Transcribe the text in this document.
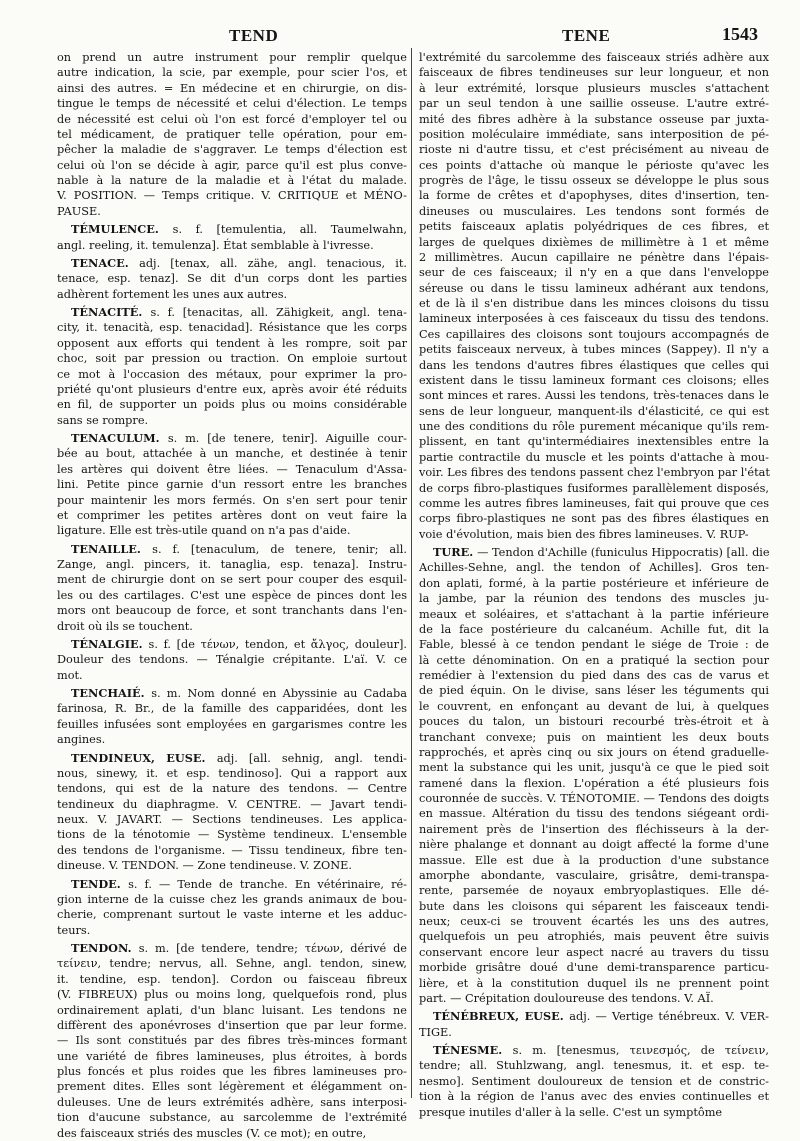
TEND	TENE	1543
on prend un autre instrument pour remplir quelque
autre indication, la scie, par exemple, pour scier l'os, et
ainsi des autres. = En médecine et en chirurgie, on dis-
tingue le temps de nécessité et celui d'élection. Le temps
de nécessité est celui où l'on est forcé d'employer tel ou
tel médicament, de pratiquer telle opération, pour em-
pêcher la maladie de s'aggraver. Le temps d'élection est
celui où l'on se décide à agir, parce qu'il est plus conve-
nable à la nature de la maladie et à l'état du malade.
V. POSITION. — Temps critique. V. CRITIQUE et MÉNO-
PAUSE.
TÉMULENCE. s. f. [temulentia, all. Taumelwahn,
angl. reeling, it. temulenza]. État semblable à l'ivresse.
TENACE. adj. [tenax, all. zähe, angl. tenacious, it.
tenace, esp. tenaz]. Se dit d'un corps dont les parties
adhèrent fortement les unes aux autres.
TÉNACITÉ. s. f. [tenacitas, all. Zähigkeit, angl. tena-
city, it. tenacità, esp. tenacidad]. Résistance que les corps
opposent aux efforts qui tendent à les rompre, soit par
choc, soit par pression ou traction. On emploie surtout
ce mot à l'occasion des métaux, pour exprimer la pro-
priété qu'ont plusieurs d'entre eux, après avoir été réduits
en fil, de supporter un poids plus ou moins considérable
sans se rompre.
TENACULUM. s. m. [de tenere, tenir]. Aiguille cour-
bée au bout, attachée à un manche, et destinée à tenir
les artères qui doivent être liées. — Tenaculum d'Assa-
lini. Petite pince garnie d'un ressort entre les branches
pour maintenir les mors fermés. On s'en sert pour tenir
et comprimer les petites artères dont on veut faire la
ligature. Elle est très-utile quand on n'a pas d'aide.
TENAILLE. s. f. [tenaculum, de tenere, tenir; all.
Zange, angl. pincers, it. tanaglia, esp. tenaza]. Instru-
ment de chirurgie dont on se sert pour couper des esquil-
les ou des cartilages. C'est une espèce de pinces dont les
mors ont beaucoup de force, et sont tranchants dans l'en-
droit où ils se touchent.
TÉNALGIE. s. f. [de τένων, tendon, et ἄλγος, douleur].
Douleur des tendons. — Ténalgie crépitante. L'aï. V. ce
mot.
TENCHAIÉ. s. m. Nom donné en Abyssinie au Cadaba
farinosa, R. Br., de la famille des capparidées, dont les
feuilles infusées sont employées en gargarismes contre les
angines.
TENDINEUX, EUSE. adj. [all. sehnig, angl. tendi-
nous, sinewy, it. et esp. tendinoso]. Qui a rapport aux
tendons, qui est de la nature des tendons. — Centre
tendineux du diaphragme. V. CENTRE. — Javart tendi-
neux. V. JAVART. — Sections tendineuses. Les applica-
tions de la ténotomie — Système tendineux. L'ensemble
des tendons de l'organisme. — Tissu tendineux, fibre ten-
dineuse. V. TENDON. — Zone tendineuse. V. ZONE.
TENDE. s. f. — Tende de tranche. En vétérinaire, ré-
gion interne de la cuisse chez les grands animaux de bou-
cherie, comprenant surtout le vaste interne et les adduc-
teurs.
TENDON. s. m. [de tendere, tendre; τένων, dérivé de
τείνειν, tendre; nervus, all. Sehne, angl. tendon, sinew,
it. tendine, esp. tendon]. Cordon ou faisceau fibreux
(V. FIBREUX) plus ou moins long, quelquefois rond, plus
ordinairement aplati, d'un blanc luisant. Les tendons ne
diffèrent des aponévroses d'insertion que par leur forme.
— Ils sont constitués par des fibres très-minces formant
une variété de fibres lamineuses, plus étroites, à bords
plus foncés et plus roides que les fibres lamineuses pro-
prement dites. Elles sont légèrement et élégamment on-
duleuses. Une de leurs extrémités adhère, sans interposi-
tion d'aucune substance, au sarcolemme de l'extrémité
des faisceaux striés des muscles (V. ce mot); en outre,
l'extrémité du sarcolemme des faisceaux striés adhère aux
faisceaux de fibres tendineuses sur leur longueur, et non
à leur extrémité, lorsque plusieurs muscles s'attachent
par un seul tendon à une saillie osseuse. L'autre extré-
mité des fibres adhère à la substance osseuse par juxta-
position moléculaire immédiate, sans interposition de pé-
rioste ni d'autre tissu, et c'est précisément au niveau de
ces points d'attache où manque le périoste qu'avec les
progrès de l'âge, le tissu osseux se développe le plus sous
la forme de crêtes et d'apophyses, dites d'insertion, ten-
dineuses ou musculaires. Les tendons sont formés de
petits faisceaux aplatis polyédriques de ces fibres, et
larges de quelques dixièmes de millimètre à 1 et même
2 millimètres. Aucun capillaire ne pénètre dans l'épais-
seur de ces faisceaux; il n'y en a que dans l'enveloppe
séreuse ou dans le tissu lamineux adhérant aux tendons,
et de là il s'en distribue dans les minces cloisons du tissu
lamineux interposées à ces faisceaux du tissu des tendons.
Ces capillaires des cloisons sont toujours accompagnés de
petits faisceaux nerveux, à tubes minces (Sappey). Il n'y a
dans les tendons d'autres fibres élastiques que celles qui
existent dans le tissu lamineux formant ces cloisons; elles
sont minces et rares. Aussi les tendons, très-tenaces dans le
sens de leur longueur, manquent-ils d'élasticité, ce qui est
une des conditions du rôle purement mécanique qu'ils rem-
plissent, en tant qu'intermédiaires inextensibles entre la
partie contractile du muscle et les points d'attache à mou-
voir. Les fibres des tendons passent chez l'embryon par l'état
de corps fibro-plastiques fusiformes parallèlement disposés,
comme les autres fibres lamineuses, fait qui prouve que ces
corps fibro-plastiques ne sont pas des fibres élastiques en
voie d'évolution, mais bien des fibres lamineuses. V. RUP-
TURE. — Tendon d'Achille (funiculus Hippocratis) [all. die
Achilles-Sehne, angl. the tendon of Achilles]. Gros ten-
don aplati, formé, à la partie postérieure et inférieure de
la jambe, par la réunion des tendons des muscles ju-
meaux et soléaires, et s'attachant à la partie inférieure
de la face postérieure du calcanéum. Achille fut, dit la
Fable, blessé à ce tendon pendant le siége de Troie : de
là cette dénomination. On en a pratiqué la section pour
remédier à l'extension du pied dans des cas de varus et
de pied équin. On le divise, sans léser les téguments qui
le couvrent, en enfonçant au devant de lui, à quelques
pouces du talon, un bistouri recourbé très-étroit et à
tranchant convexe; puis on maintient les deux bouts
rapprochés, et après cinq ou six jours on étend graduelle-
ment la substance qui les unit, jusqu'à ce que le pied soit
ramené dans la flexion. L'opération a été plusieurs fois
couronnée de succès. V. TÉNOTOMIE. — Tendons des doigts
en massue. Altération du tissu des tendons siégeant ordi-
nairement près de l'insertion des fléchisseurs à la der-
nière phalange et donnant au doigt affecté la forme d'une
massue. Elle est due à la production d'une substance
amorphe abondante, vasculaire, grisâtre, demi-transpa-
rente, parsemée de noyaux embryoplastiques. Elle dé-
bute dans les cloisons qui séparent les faisceaux tendi-
neux; ceux-ci se trouvent écartés les uns des autres,
quelquefois un peu atrophiés, mais peuvent être suivis
conservant encore leur aspect nacré au travers du tissu
morbide grisâtre doué d'une demi-transparence particu-
lière, et à la constitution duquel ils ne prennent point
part. — Crépitation douloureuse des tendons. V. AÏ.
TÉNÉBREUX, EUSE. adj. — Vertige ténébreux. V. VER-
TIGE.
TÉNESME. s. m. [tenesmus, τεινεσμός, de τείνειν,
tendre; all. Stuhlzwang, angl. tenesmus, it. et esp. te-
nesmo]. Sentiment douloureux de tension et de constric-
tion à la région de l'anus avec des envies continuelles et
presque inutiles d'aller à la selle. C'est un symptôme
